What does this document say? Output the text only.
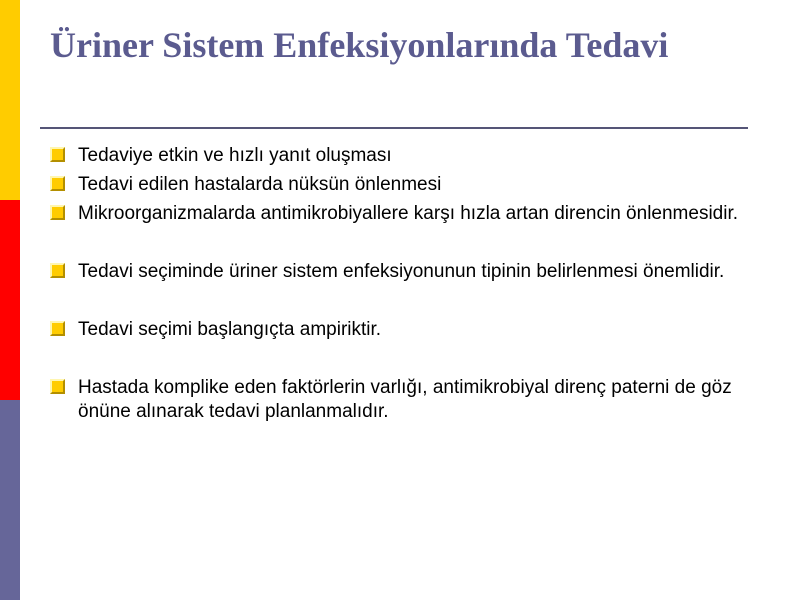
Üriner Sistem Enfeksiyonlarında Tedavi
Tedaviye etkin ve hızlı yanıt oluşması
Tedavi edilen hastalarda nüksün önlenmesi
Mikroorganizmalarda antimikrobiyallere karşı hızla artan direncin önlenmesidir.
Tedavi seçiminde üriner sistem enfeksiyonunun tipinin belirlenmesi önemlidir.
Tedavi seçimi başlangıçta ampiriktir.
Hastada komplike eden faktörlerin varlığı, antimikrobiyal direnç paterni de göz önüne alınarak tedavi planlanmalıdır.
